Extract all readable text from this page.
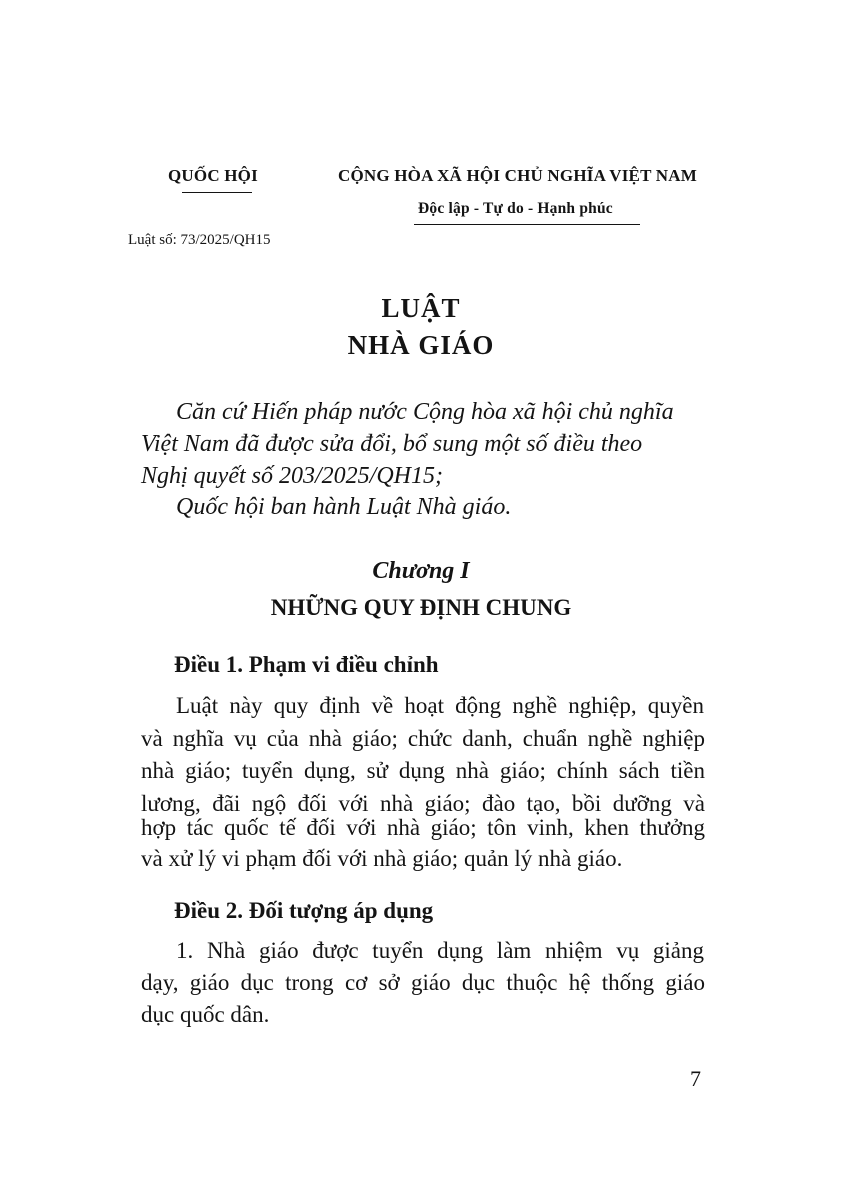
QUỐC HỘI	CỘNG HÒA XÃ HỘI CHỦ NGHĨA VIỆT NAM
Độc lập - Tự do - Hạnh phúc
Luật số: 73/2025/QH15
LUẬT
NHÀ GIÁO
Căn cứ Hiến pháp nước Cộng hòa xã hội chủ nghĩa
Việt Nam đã được sửa đổi, bổ sung một số điều theo
Nghị quyết số 203/2025/QH15;
Quốc hội ban hành Luật Nhà giáo.
Chương I
NHỮNG QUY ĐỊNH CHUNG
Điều 1. Phạm vi điều chỉnh
Luật này quy định về hoạt động nghề nghiệp, quyền
và nghĩa vụ của nhà giáo; chức danh, chuẩn nghề nghiệp
nhà giáo; tuyển dụng, sử dụng nhà giáo; chính sách tiền
lương, đãi ngộ đối với nhà giáo; đào tạo, bồi dưỡng và
hợp tác quốc tế đối với nhà giáo; tôn vinh, khen thưởng
và xử lý vi phạm đối với nhà giáo; quản lý nhà giáo.
Điều 2. Đối tượng áp dụng
1. Nhà giáo được tuyển dụng làm nhiệm vụ giảng
dạy, giáo dục trong cơ sở giáo dục thuộc hệ thống giáo
dục quốc dân.
7
